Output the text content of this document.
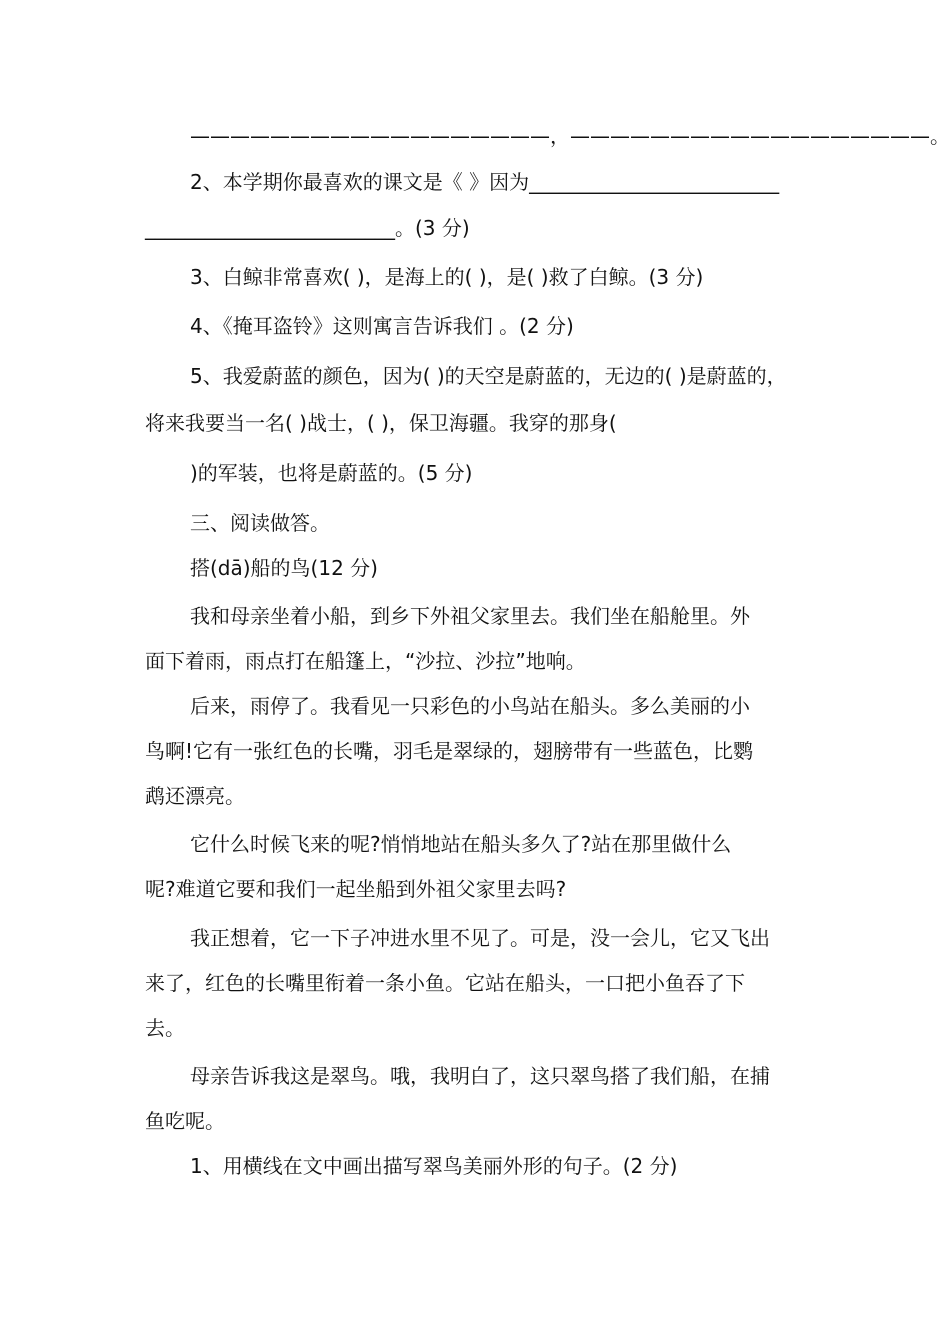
——————————————————，——————————————————。
2、本学期你最喜欢的课文是《 》因为_________________________
_________________________。(3 分)
3、白鲸非常喜欢( )，是海上的( )，是( )救了白鲸。(3 分)
4、《掩耳盗铃》这则寓言告诉我们 。(2 分)
5、我爱蔚蓝的颜色，因为( )的天空是蔚蓝的，无边的( )是蔚蓝的，
将来我要当一名( )战士，( )，保卫海疆。我穿的那身(
)的军装，也将是蔚蓝的。(5 分)
三、阅读做答。
搭(dā)船的鸟(12 分)
我和母亲坐着小船，到乡下外祖父家里去。我们坐在船舱里。外
面下着雨，雨点打在船篷上，“沙拉、沙拉”地响。
后来，雨停了。我看见一只彩色的小鸟站在船头。多么美丽的小
鸟啊!它有一张红色的长嘴，羽毛是翠绿的，翅膀带有一些蓝色，比鹦
鹉还漂亮。
它什么时候飞来的呢?悄悄地站在船头多久了?站在那里做什么
呢?难道它要和我们一起坐船到外祖父家里去吗?
我正想着，它一下子冲进水里不见了。可是，没一会儿，它又飞出
来了，红色的长嘴里衔着一条小鱼。它站在船头，一口把小鱼吞了下
去。
母亲告诉我这是翠鸟。哦，我明白了，这只翠鸟搭了我们船，在捕
鱼吃呢。
1、用横线在文中画出描写翠鸟美丽外形的句子。(2 分)
